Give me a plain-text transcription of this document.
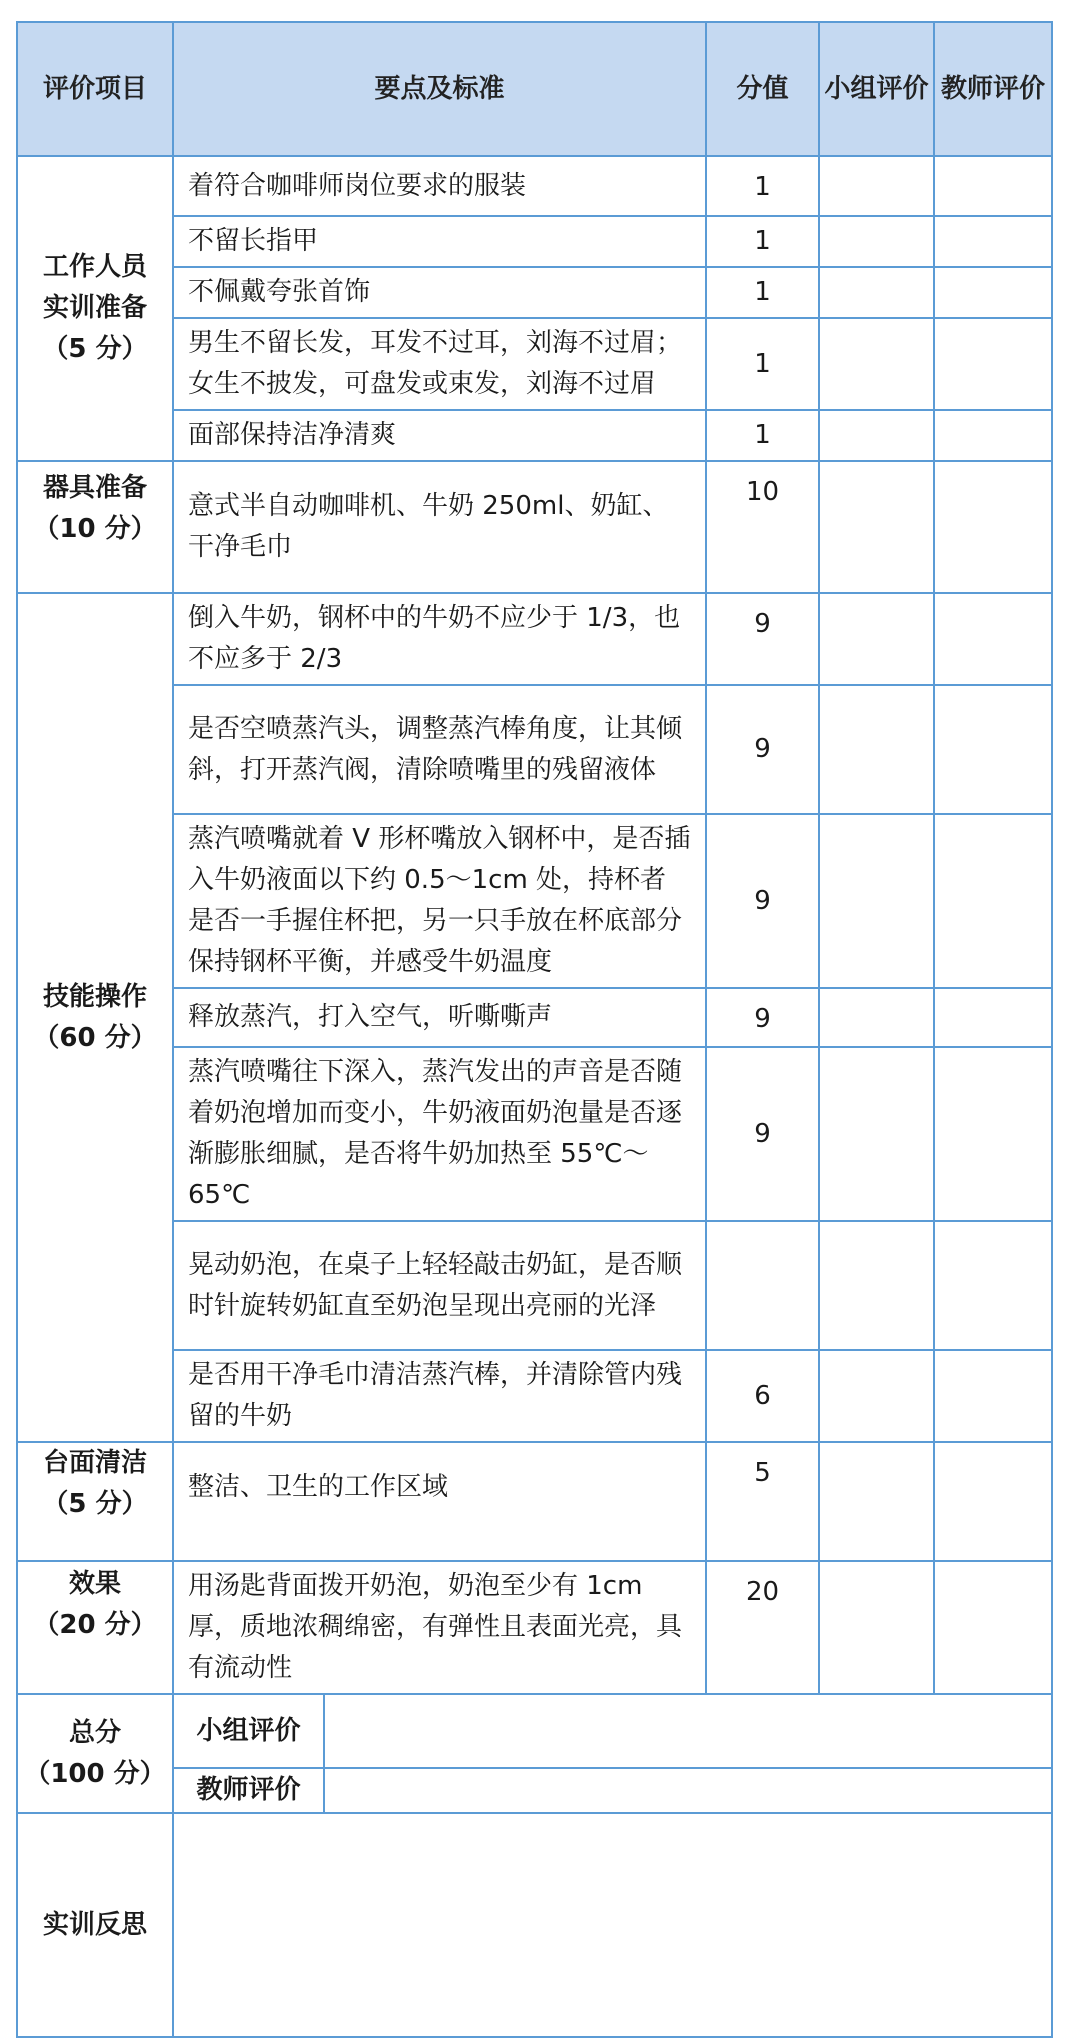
评价项目	要点及标准		分值	小组评价	教师评价

工作人员
实训准备
（5 分）	着符合咖啡师岗位要求的服装		1		
	不留长指甲		1		
	不佩戴夸张首饰		1		
	男生不留长发，耳发不过耳，刘海不过眉；女生不披发，可盘发或束发，刘海不过眉		1		
	面部保持洁净清爽		1		

器具准备
（10 分）	意式半自动咖啡机、牛奶 250ml、奶缸、干净毛巾		10		

技能操作
（60 分）	倒入牛奶，钢杯中的牛奶不应少于 1/3，也不应多于 2/3		9		
	是否空喷蒸汽头，调整蒸汽棒角度，让其倾斜，打开蒸汽阀，清除喷嘴里的残留液体		9		
	蒸汽喷嘴就着 V 形杯嘴放入钢杯中，是否插入牛奶液面以下约 0.5～1cm 处，持杯者是否一手握住杯把，另一只手放在杯底部分保持钢杯平衡，并感受牛奶温度		9		
	释放蒸汽，打入空气，听嘶嘶声		9		
	蒸汽喷嘴往下深入，蒸汽发出的声音是否随着奶泡增加而变小，牛奶液面奶泡量是否逐渐膨胀细腻，是否将牛奶加热至 55℃～65℃		9		
	晃动奶泡，在桌子上轻轻敲击奶缸，是否顺时针旋转奶缸直至奶泡呈现出亮丽的光泽				
	是否用干净毛巾清洁蒸汽棒，并清除管内残留的牛奶		6		

台面清洁
（5 分）	整洁、卫生的工作区域		5		

效果
（20 分）	用汤匙背面拨开奶泡，奶泡至少有 1cm 厚，质地浓稠绵密，有弹性且表面光亮，具有流动性		20		

总分
（100 分）	小组评价				
	教师评价				
实训反思					
